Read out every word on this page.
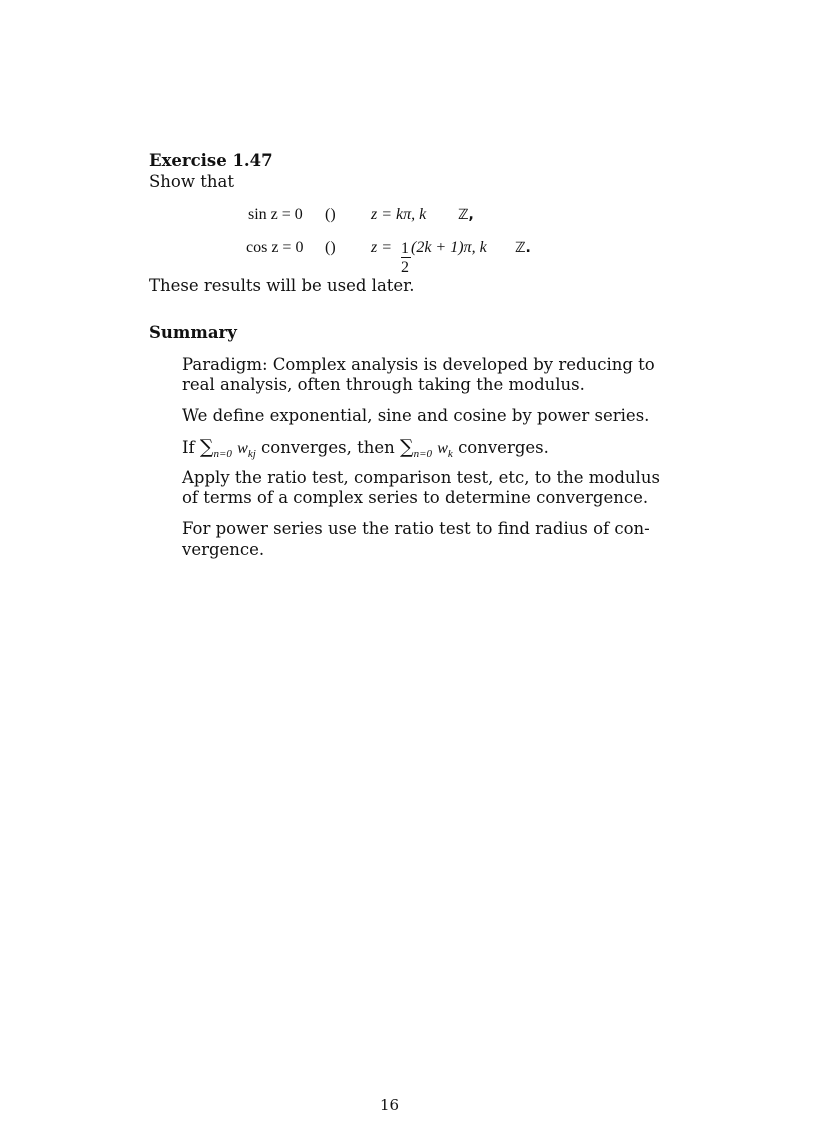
Exercise 1.47
Show that
sin z = 0 () z = kπ, k ℤ,
cos z = 0 () z =
$\frac{1}{2}$
(2k + 1)π, k ℤ.
These results will be used later.
Summary
Paradigm: Complex analysis is developed by reducing to
real analysis, often through taking the modulus.
We define exponential, sine and cosine by power series.
If $\sum_{n=0}$ $w_{kj}$ converges, then $\sum_{n=0}$ $w_k$ converges.
Apply the ratio test, comparison test, etc, to the modulus
of terms of a complex series to determine convergence.
For power series use the ratio test to find radius of con-
vergence.
16
